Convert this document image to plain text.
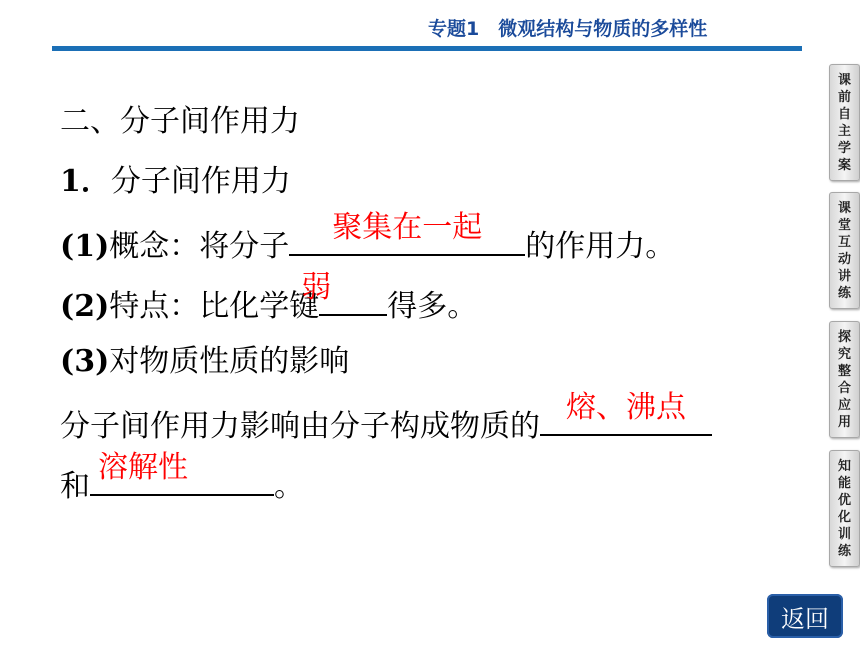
专题1　微观结构与物质的多样性
二、分子间作用力
1．分子间作用力
(1)概念：将分子
聚集在一起
的作用力。
(2)特点：比化学键
弱
得多。
(3)对物质性质的影响
分子间作用力影响由分子构成物质的
熔、沸点
和
溶解性
。
课
前
自
主
学
案
课
堂
互
动
讲
练
探
究
整
合
应
用
知
能
优
化
训
练
返回
